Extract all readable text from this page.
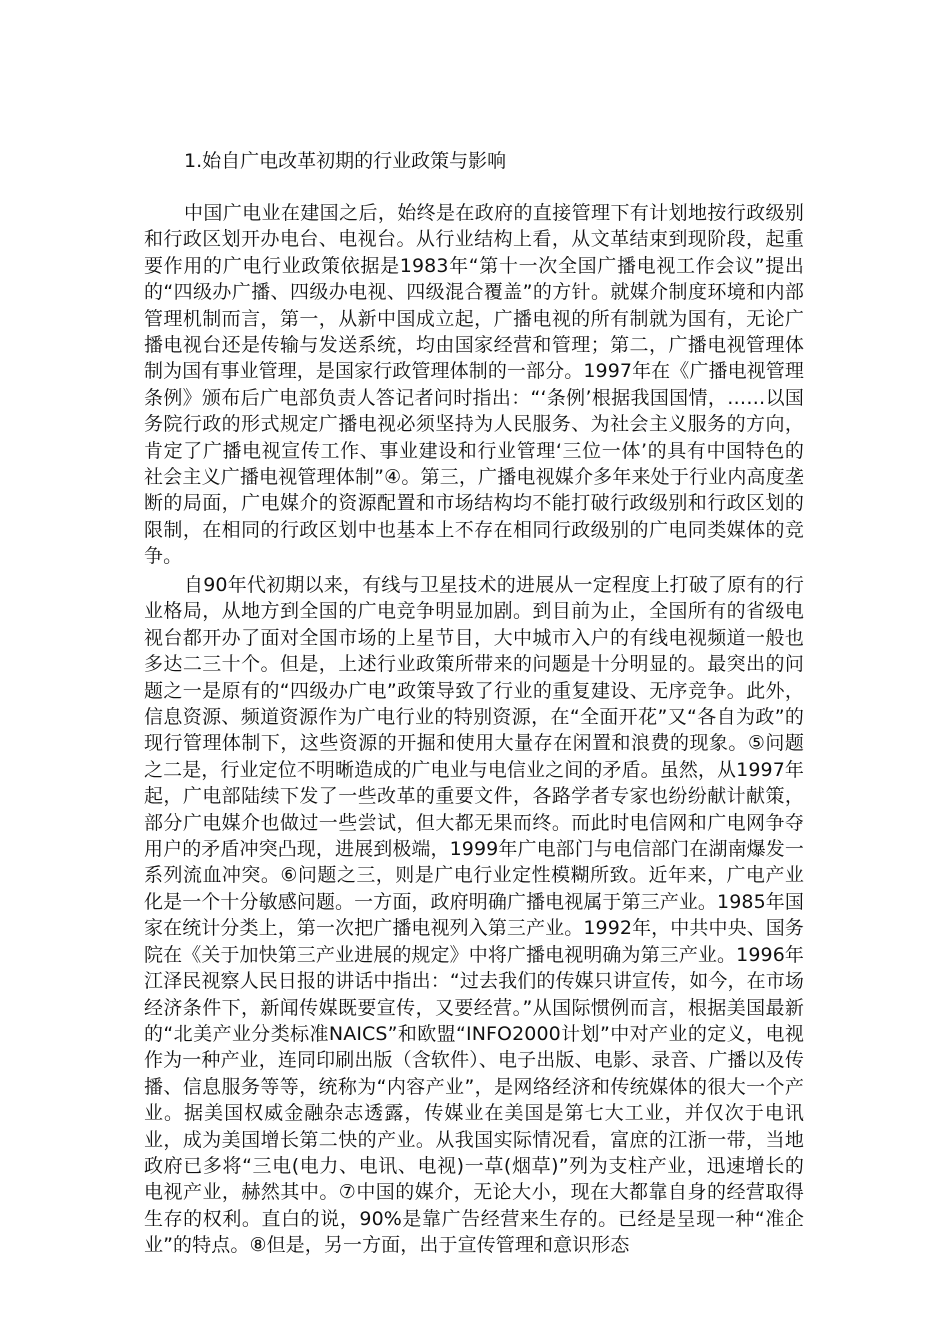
1.始自广电改革初期的行业政策与影响

中国广电业在建国之后，始终是在政府的直接管理下有计划地按行政级别和行政区划开办电台、电视台。从行业结构上看，从文革结束到现阶段，起重要作用的广电行业政策依据是1983年“第十一次全国广播电视工作会议”提出的“四级办广播、四级办电视、四级混合覆盖”的方针。就媒介制度环境和内部管理机制而言，第一，从新中国成立起，广播电视的所有制就为国有，无论广播电视台还是传输与发送系统，均由国家经营和管理；第二，广播电视管理体制为国有事业管理，是国家行政管理体制的一部分。1997年在《广播电视管理条例》颁布后广电部负责人答记者问时指出：“‘条例’根据我国国情，……以国务院行政的形式规定广播电视必须坚持为人民服务、为社会主义服务的方向，肯定了广播电视宣传工作、事业建设和行业管理‘三位一体’的具有中国特色的社会主义广播电视管理体制”④。第三，广播电视媒介多年来处于行业内高度垄断的局面，广电媒介的资源配置和市场结构均不能打破行政级别和行政区划的限制，在相同的行政区划中也基本上不存在相同行政级别的广电同类媒体的竞争。

自90年代初期以来，有线与卫星技术的进展从一定程度上打破了原有的行业格局，从地方到全国的广电竞争明显加剧。到目前为止，全国所有的省级电视台都开办了面对全国市场的上星节目，大中城市入户的有线电视频道一般也多达二三十个。但是，上述行业政策所带来的问题是十分明显的。最突出的问题之一是原有的“四级办广电”政策导致了行业的重复建设、无序竞争。此外，信息资源、频道资源作为广电行业的特别资源，在“全面开花”又“各自为政”的现行管理体制下，这些资源的开掘和使用大量存在闲置和浪费的现象。⑤问题之二是，行业定位不明晰造成的广电业与电信业之间的矛盾。虽然，从1997年起，广电部陆续下发了一些改革的重要文件，各路学者专家也纷纷献计献策，部分广电媒介也做过一些尝试，但大都无果而终。而此时电信网和广电网争夺用户的矛盾冲突凸现，进展到极端，1999年广电部门与电信部门在湖南爆发一系列流血冲突。⑥问题之三，则是广电行业定性模糊所致。近年来，广电产业化是一个十分敏感问题。一方面，政府明确广播电视属于第三产业。1985年国家在统计分类上，第一次把广播电视列入第三产业。1992年，中共中央、国务院在《关于加快第三产业进展的规定》中将广播电视明确为第三产业。1996年江泽民视察人民日报的讲话中指出：“过去我们的传媒只讲宣传，如今，在市场经济条件下，新闻传媒既要宣传，又要经营。”从国际惯例而言，根据美国最新的“北美产业分类标准NAICS”和欧盟“INFO2000计划”中对产业的定义，电视作为一种产业，连同印刷出版（含软件）、电子出版、电影、录音、广播以及传播、信息服务等等，统称为“内容产业”，是网络经济和传统媒体的很大一个产业。据美国权威金融杂志透露，传媒业在美国是第七大工业，并仅次于电讯业，成为美国增长第二快的产业。从我国实际情况看，富庶的江浙一带，当地政府已多将“三电(电力、电讯、电视)一草(烟草)”列为支柱产业，迅速增长的电视产业，赫然其中。⑦中国的媒介，无论大小，现在大都靠自身的经营取得生存的权利。直白的说，90%是靠广告经营来生存的。已经是呈现一种“准企业”的特点。⑧但是，另一方面，出于宣传管理和意识形态
